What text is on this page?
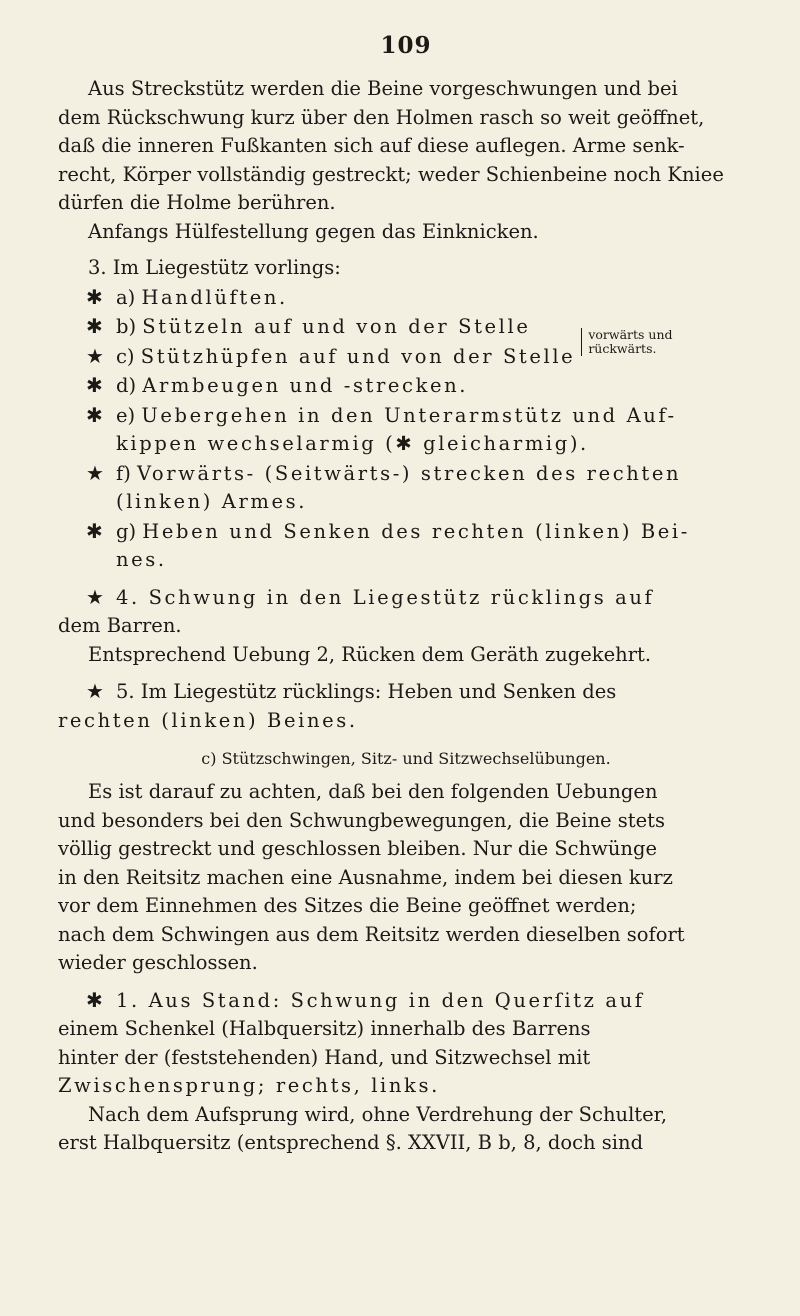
109
Aus Streckstütz werden die Beine vorgeschwungen und bei
dem Rückschwung kurz über den Holmen rasch so weit geöffnet,
daß die inneren Fußkanten sich auf diese auflegen. Arme senk-
recht, Körper vollständig gestreckt; weder Schienbeine noch Kniee
dürfen die Holme berühren.
Anfangs Hülfestellung gegen das Einknicken.
3. Im Liegestütz vorlings:
✱ a) Handlüften.
✱ b) Stützeln auf und von der Stelle
★ c) Stützhüpfen auf und von der Stelle
vorwärts und
rückwärts.
✱ d) Armbeugen und -strecken.
✱ e) Uebergehen in den Unterarmstütz und Auf-
kippen wechselarmig (✱ gleicharmig).
★ f) Vorwärts- (Seitwärts-) strecken des rechten
(linken) Armes.
✱ g) Heben und Senken des rechten (linken) Bei-
nes.
★ 4. Schwung in den Liegestütz rücklings auf
dem Barren.
Entsprechend Uebung 2, Rücken dem Geräth zugekehrt.
★ 5. Im Liegestütz rücklings: Heben und Senken des
rechten (linken) Beines.
c) Stützschwingen, Sitz- und Sitzwechselübungen.
Es ist darauf zu achten, daß bei den folgenden Uebungen
und besonders bei den Schwungbewegungen, die Beine stets
völlig gestreckt und geschlossen bleiben. Nur die Schwünge
in den Reitsitz machen eine Ausnahme, indem bei diesen kurz
vor dem Einnehmen des Sitzes die Beine geöffnet werden;
nach dem Schwingen aus dem Reitsitz werden dieselben sofort
wieder geschlossen.
✱ 1. Aus Stand: Schwung in den Querſitz auf
einem Schenkel (Halbquersitz) innerhalb des Barrens
hinter der (feststehenden) Hand, und Sitzwechsel mit
Zwischensprung; rechts, links.
Nach dem Aufsprung wird, ohne Verdrehung der Schulter,
erst Halbquersitz (entsprechend §. XXVII, B b, 8, doch sind
